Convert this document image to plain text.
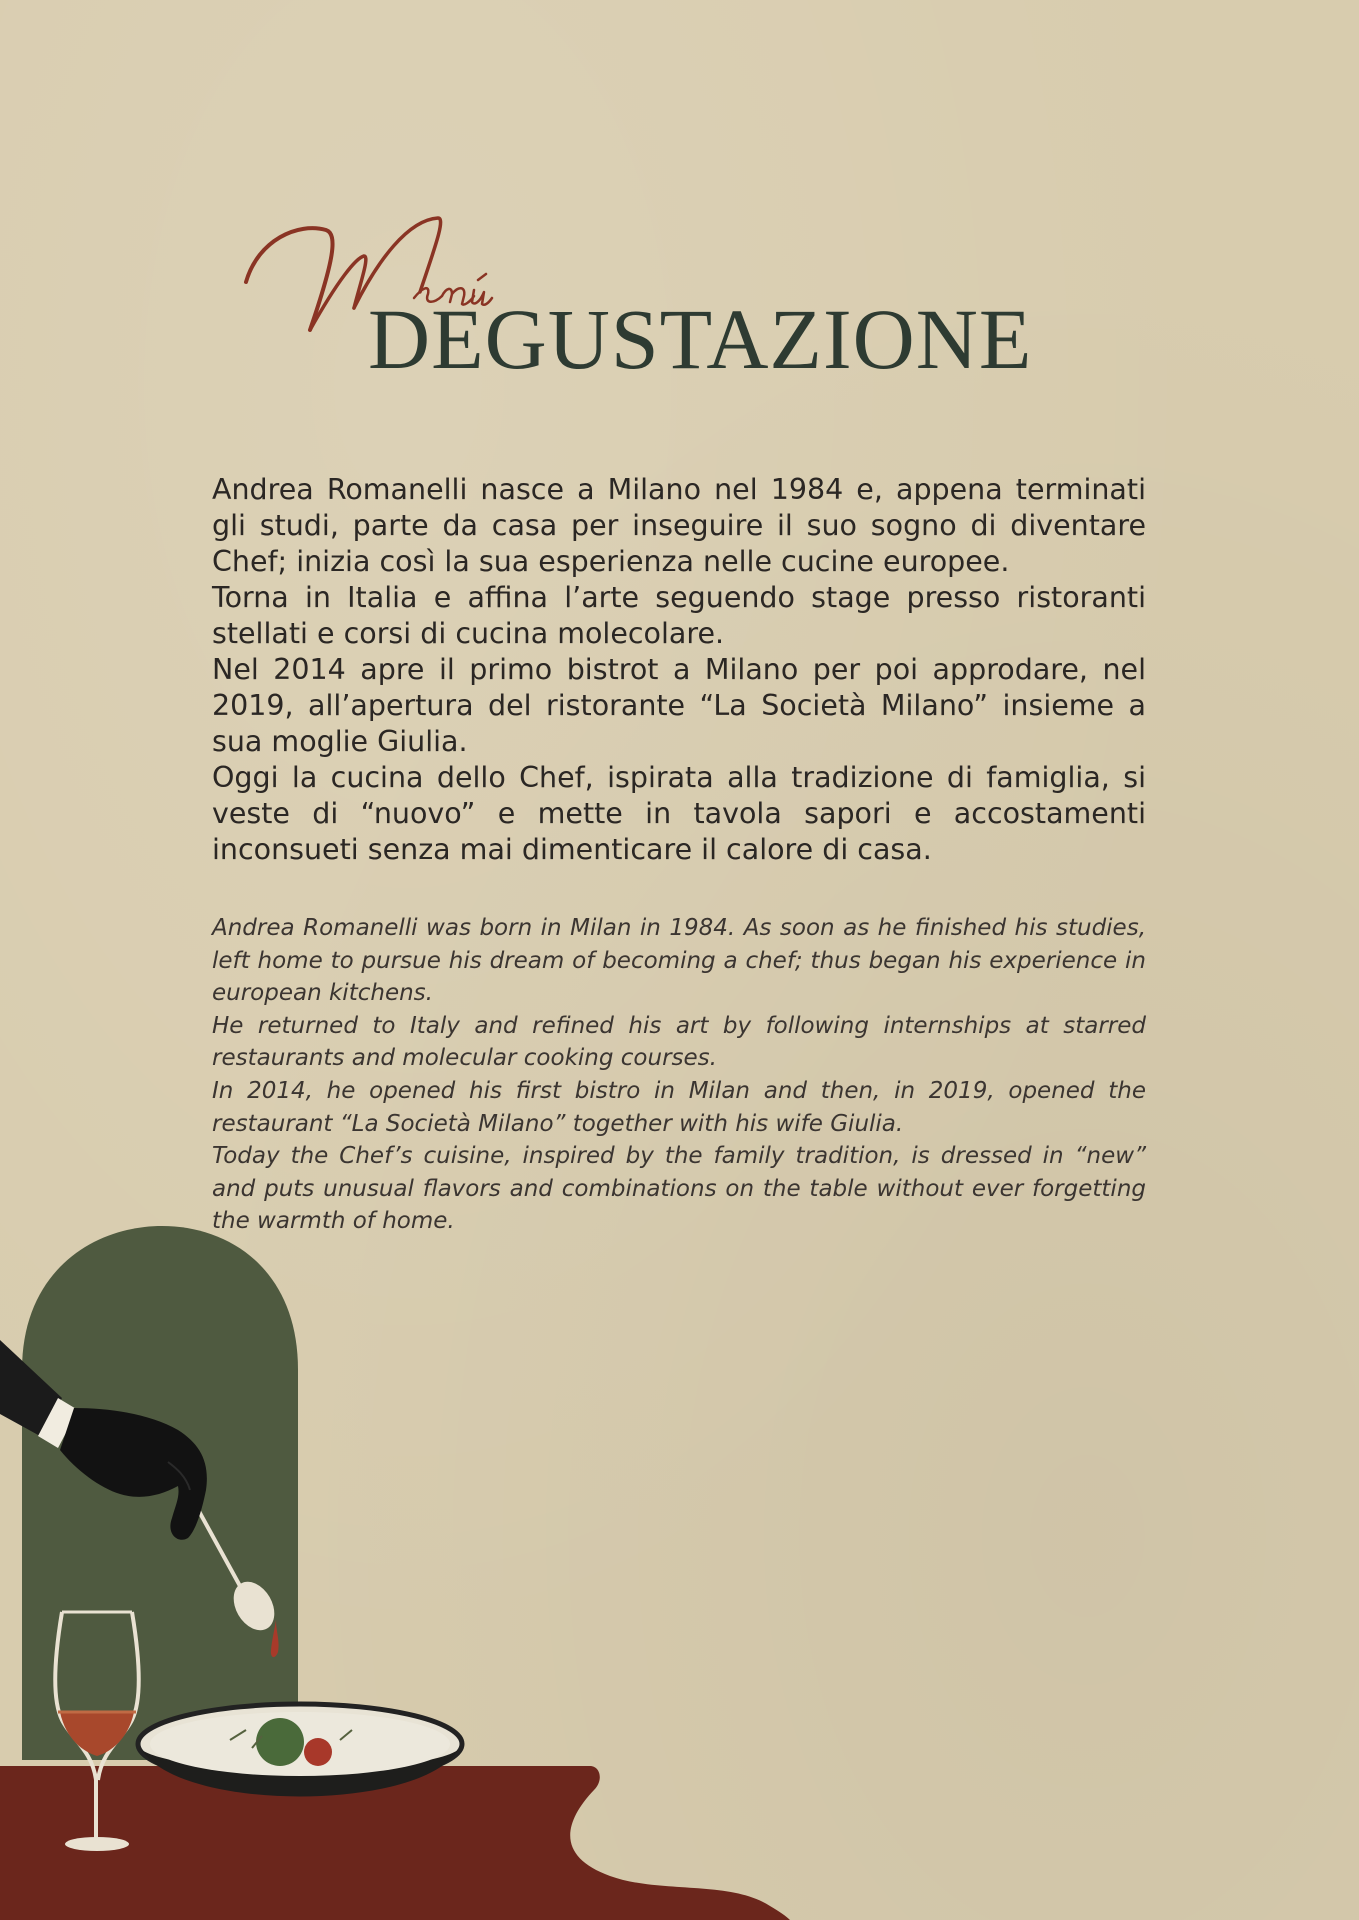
DEGUSTAZIONE

Andrea Romanelli nasce a Milano nel 1984 e, appena terminati gli studi, parte da casa per inseguire il suo sogno di diventare Chef; inizia così la sua esperienza nelle cucine europee.

Torna in Italia e affina l’arte seguendo stage presso ristoranti stellati e corsi di cucina molecolare.

Nel 2014 apre il primo bistrot a Milano per poi approdare, nel 2019, all’apertura del ristorante “La Società Milano” insieme a sua moglie Giulia.

Oggi la cucina dello Chef, ispirata alla tradizione di famiglia, si veste di “nuovo” e mette in tavola sapori e accostamenti inconsueti senza mai dimenticare il calore di casa.

Andrea Romanelli was born in Milan in 1984. As soon as he finished his studies, left home to pursue his dream of becoming a chef; thus began his experience in european kitchens.

He returned to Italy and refined his art by following internships at starred restaurants and molecular cooking courses.

In 2014, he opened his first bistro in Milan and then, in 2019, opened the restaurant “La Società Milano” together with his wife Giulia.

Today the Chef’s cuisine, inspired by the family tradition, is dressed in “new” and puts unusual flavors and combinations on the table without ever forgetting the warmth of home.
